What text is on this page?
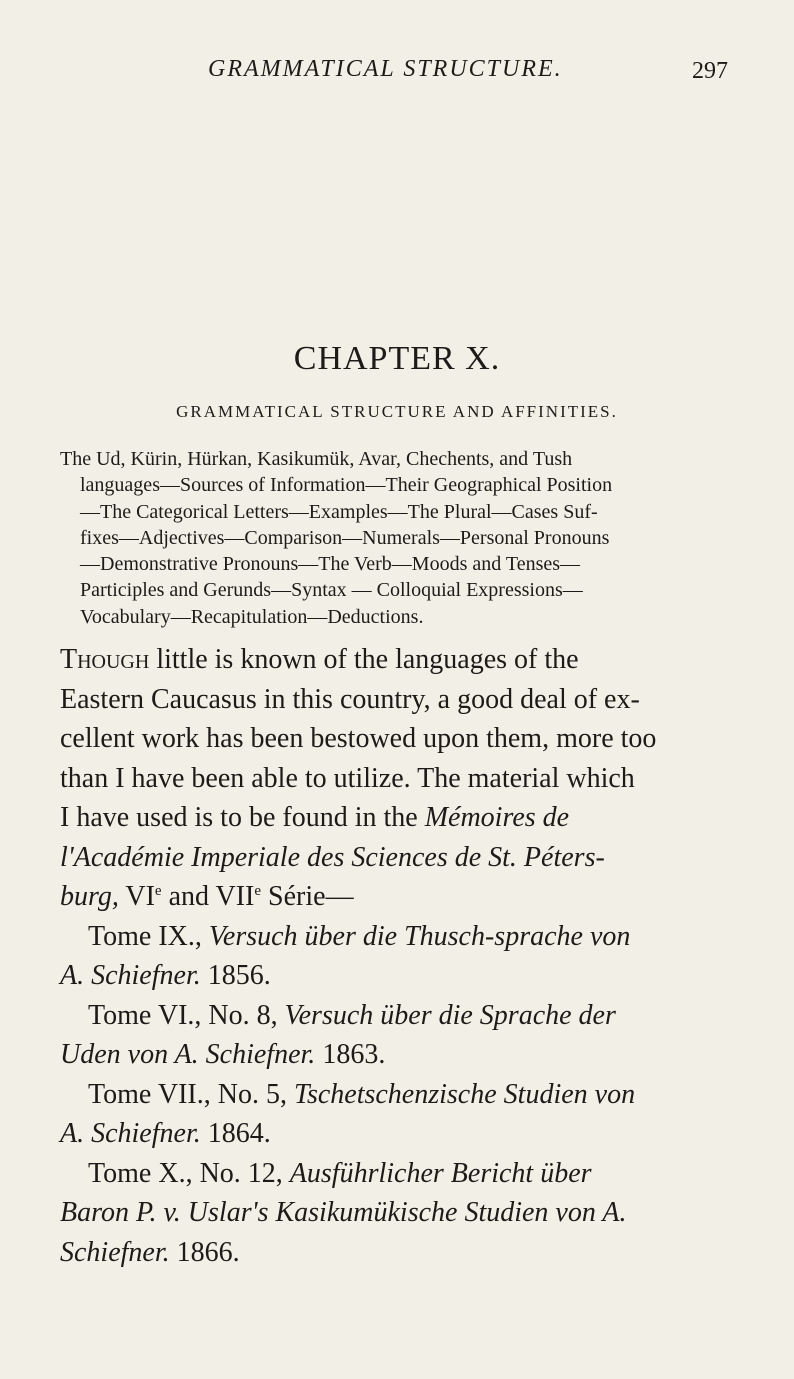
GRAMMATICAL STRUCTURE.	297
CHAPTER X.
GRAMMATICAL STRUCTURE AND AFFINITIES.
The Ud, Kürin, Hürkan, Kasikumük, Avar, Chechents, and Tush
languages—Sources of Information—Their Geographical Position
—The Categorical Letters—Examples—The Plural—Cases Suf-
fixes—Adjectives—Comparison—Numerals—Personal Pronouns
—Demonstrative Pronouns—The Verb—Moods and Tenses—
Participles and Gerunds—Syntax — Colloquial Expressions—
Vocabulary—Recapitulation—Deductions.
Though little is known of the languages of the
Eastern Caucasus in this country, a good deal of ex-
cellent work has been bestowed upon them, more too
than I have been able to utilize. The material which
I have used is to be found in the Mémoires de
l'Académie Imperiale des Sciences de St. Péters-
burg, VIe and VIIe Série—
Tome IX., Versuch über die Thusch-sprache von
A. Schiefner. 1856.
Tome VI., No. 8, Versuch über die Sprache der
Uden von A. Schiefner. 1863.
Tome VII., No. 5, Tschetschenzische Studien von
A. Schiefner. 1864.
Tome X., No. 12, Ausführlicher Bericht über
Baron P. v. Uslar's Kasikumükische Studien von A.
Schiefner. 1866.
